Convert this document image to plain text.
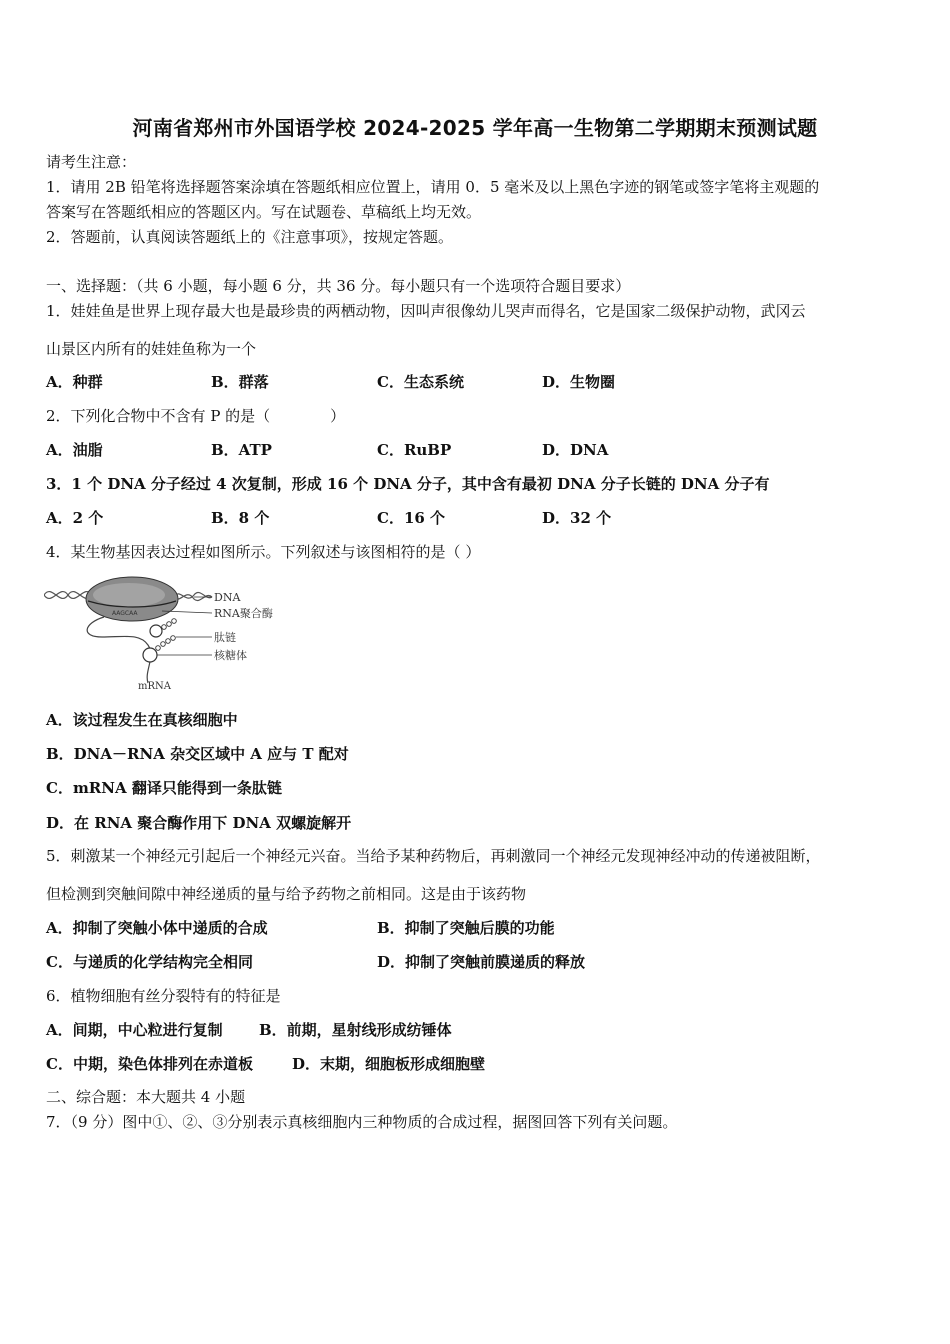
河南省郑州市外国语学校 2024-2025 学年高一生物第二学期期末预测试题
请考生注意：
1．请用 2B 铅笔将选择题答案涂填在答题纸相应位置上，请用 0．5 毫米及以上黑色字迹的钢笔或签字笔将主观题的
答案写在答题纸相应的答题区内。写在试题卷、草稿纸上均无效。
2．答题前，认真阅读答题纸上的《注意事项》，按规定答题。
一、选择题：（共 6 小题，每小题 6 分，共 36 分。每小题只有一个选项符合题目要求）
1．娃娃鱼是世界上现存最大也是最珍贵的两栖动物，因叫声很像幼儿哭声而得名，它是国家二级保护动物，武冈云
山景区内所有的娃娃鱼称为一个
A．种群	B．群落	C．生态系统	D．生物圈
2．下列化合物中不含有 P 的是（　　　　）
A．油脂	B．ATP	C．RuBP	D．DNA
3．1 个 DNA 分子经过 4 次复制，形成 16 个 DNA 分子，其中含有最初 DNA 分子长链的 DNA 分子有
A．2 个	B．8 个	C．16 个	D．32 个
4．某生物基因表达过程如图所示。下列叙述与该图相符的是（ ）
AAGCAA
DNA
RNA聚合酶
肽链
核糖体
mRNA
A．该过程发生在真核细胞中
B．DNA－RNA 杂交区域中 A 应与 T 配对
C．mRNA 翻译只能得到一条肽链
D．在 RNA 聚合酶作用下 DNA 双螺旋解开
5．刺激某一个神经元引起后一个神经元兴奋。当给予某种药物后，再刺激同一个神经元发现神经冲动的传递被阻断，
但检测到突触间隙中神经递质的量与给予药物之前相同。这是由于该药物
A．抑制了突触小体中递质的合成	B．抑制了突触后膜的功能
C．与递质的化学结构完全相同	D．抑制了突触前膜递质的释放
6．植物细胞有丝分裂特有的特征是
A．间期，中心粒进行复制 B．前期，星射线形成纺锤体
C．中期，染色体排列在赤道板	D．末期，细胞板形成细胞壁
二、综合题：本大题共 4 小题
7．（9 分）图中①、②、③分别表示真核细胞内三种物质的合成过程，据图回答下列有关问题。
